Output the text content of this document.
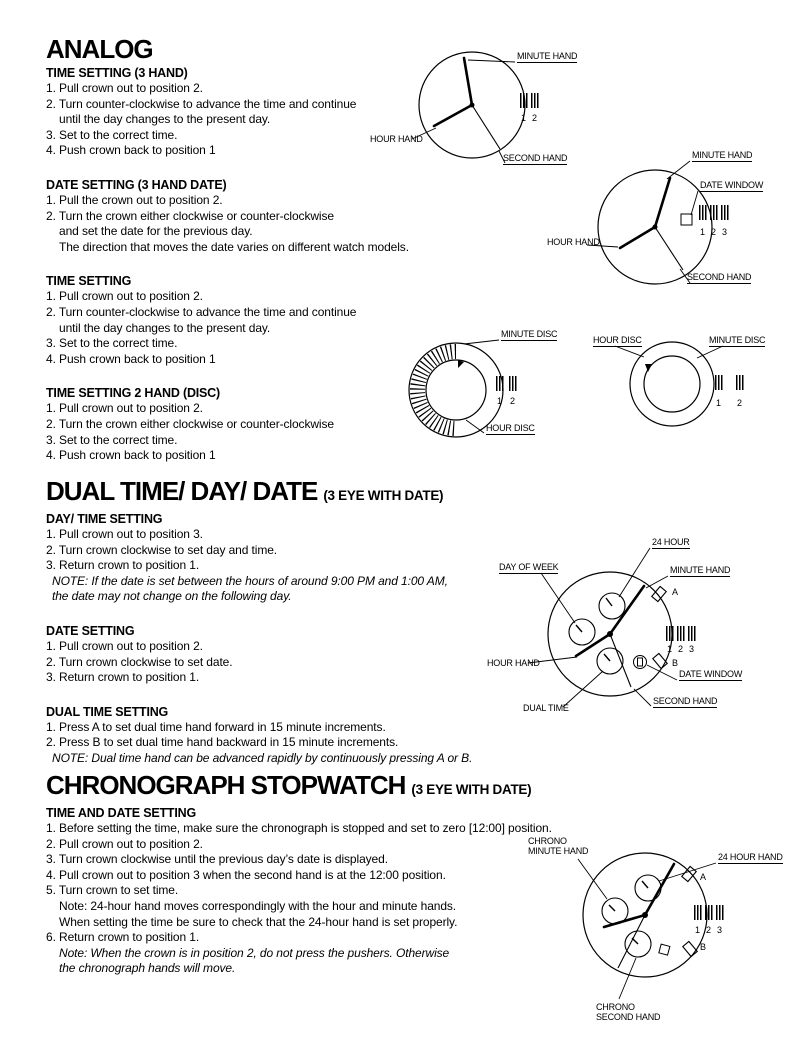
ANALOG
TIME SETTING (3 HAND)

1. Pull crown out to position 2.

2. Turn counter-clockwise to advance the time and continue

until the day changes to the present day.

3. Set to the correct time.

4. Push crown back to position 1

DATE SETTING (3 HAND DATE)

1. Pull the crown out to position 2.

2. Turn the crown either clockwise or counter-clockwise

and set the date for the previous day.

The direction that moves the date varies on different watch models.

TIME SETTING

1. Pull crown out to position 2.

2. Turn counter-clockwise to advance the time and continue

until the day changes to the present day.

3. Set to the correct time.

4. Push crown back to position 1

TIME SETTING 2 HAND (DISC)

1. Pull crown out to position 2.

2. Turn the crown either clockwise or counter-clockwise

3. Set to the correct time.

4. Push crown back to position 1

DUAL TIME/ DAY/ DATE (3 EYE WITH DATE)
DAY/ TIME SETTING

1. Pull crown out to position 3.

2. Turn crown clockwise to set day and time.

3. Return crown to position 1.

NOTE: If the date is set between the hours of around 9:00 PM and 1:00 AM,

the date may not change on the following day.

DATE SETTING

1. Pull crown out to position 2.

2. Turn crown clockwise to set date.

3. Return crown to position 1.

DUAL TIME SETTING

1. Press A to set dual time hand forward in 15 minute increments.

2. Press B to set dual time hand backward in 15 minute increments.

NOTE: Dual time hand can be advanced rapidly by continuously pressing A or B.

CHRONOGRAPH STOPWATCH (3 EYE WITH DATE)
TIME AND DATE SETTING

1. Before setting the time, make sure the chronograph is stopped and set to zero [12:00] position.

2. Pull crown out to position 2.

3. Turn crown clockwise until the previous day’s date is displayed.

4. Pull crown out to position 3 when the second hand is at the 12:00 position.

5. Turn crown to set time.

Note: 24-hour hand moves correspondingly with the hour and minute hands.

When setting the time be sure to check that the 24-hour hand is set properly.

6. Return crown to position 1.

Note: When the crown is in position 2, do not press the pushers. Otherwise

the chronograph hands will move.

MINUTE HAND
HOUR HAND
SECOND HAND
1 2
MINUTE HAND
DATE WINDOW
HOUR HAND
SECOND HAND
1 2 3
MINUTE DISC
HOUR DISC
1 2
HOUR DISC	MINUTE DISC
1 2
24 HOUR
DAY OF WEEK	MINUTE HAND
A
HOUR HAND	B
DATE WINDOW
SECOND HAND
DUAL TIME
1 2 3
CHRONO
MINUTE HAND
24 HOUR HAND
A
B
CHRONO
SECOND HAND
1 2 3
